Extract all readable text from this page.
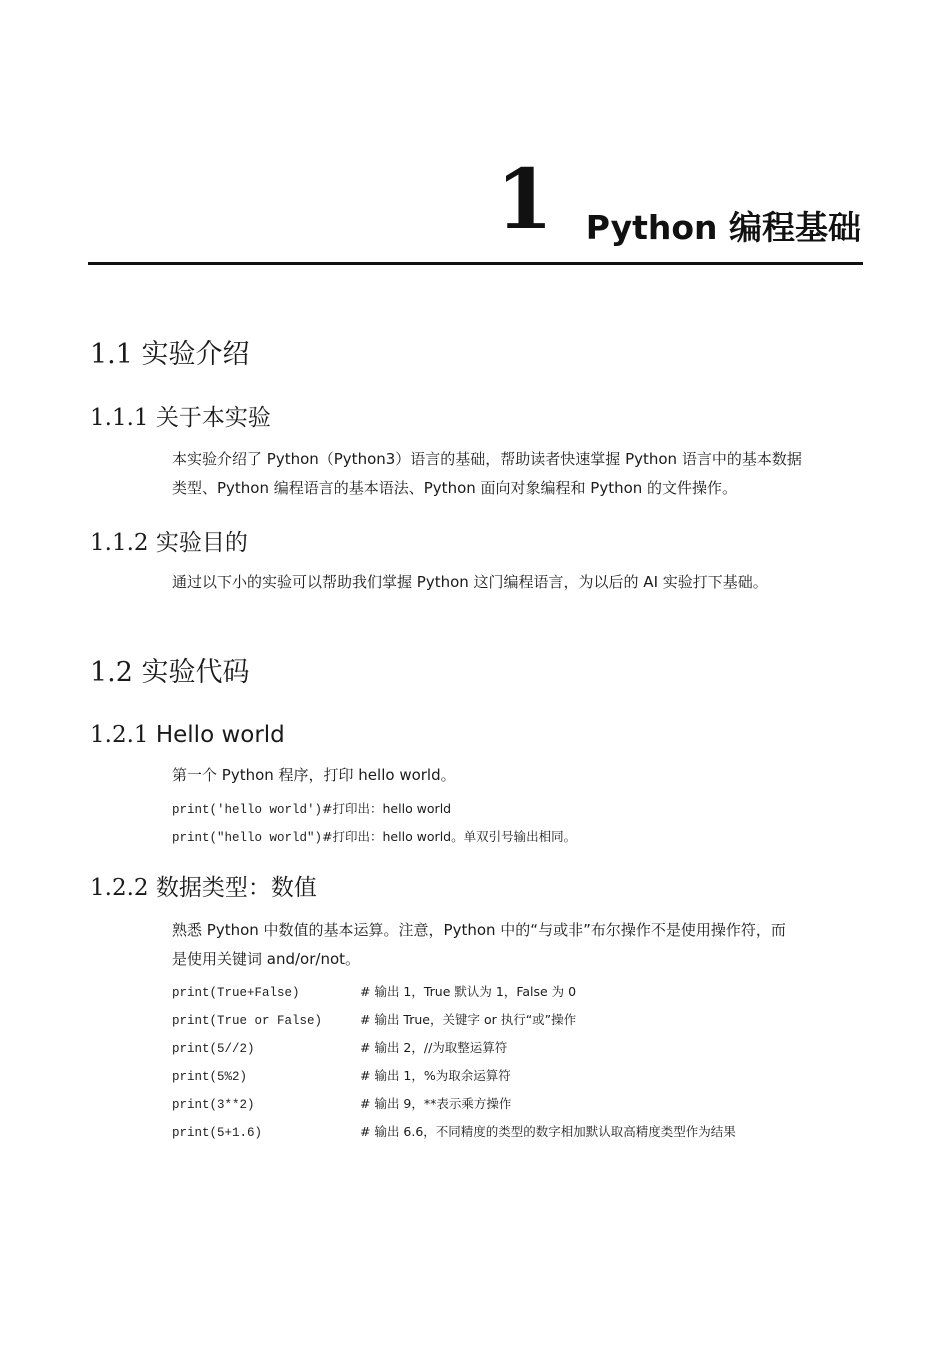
1 Python 编程基础
1.1 实验介绍
1.1.1 关于本实验
本实验介绍了 Python（Python3）语言的基础，帮助读者快速掌握 Python 语言中的基本数据
类型、Python 编程语言的基本语法、Python 面向对象编程和 Python 的文件操作。
1.1.2 实验目的
通过以下小的实验可以帮助我们掌握 Python 这门编程语言，为以后的 AI 实验打下基础。
1.2 实验代码
1.2.1 Hello world
第一个 Python 程序，打印 hello world。
print('hello world')#打印出：hello world
print("hello world")#打印出：hello world。单双引号输出相同。
1.2.2 数据类型：数值
熟悉 Python 中数值的基本运算。注意，Python 中的“与或非”布尔操作不是使用操作符，而
是使用关键词 and/or/not。
print(True+False)	# 输出 1，True 默认为 1，False 为 0
print(True or False)	# 输出 True，关键字 or 执行“或”操作
print(5//2)	# 输出 2，//为取整运算符
print(5%2)	# 输出 1，%为取余运算符
print(3**2)	# 输出 9，**表示乘方操作
print(5+1.6)	# 输出 6.6，不同精度的类型的数字相加默认取高精度类型作为结果
